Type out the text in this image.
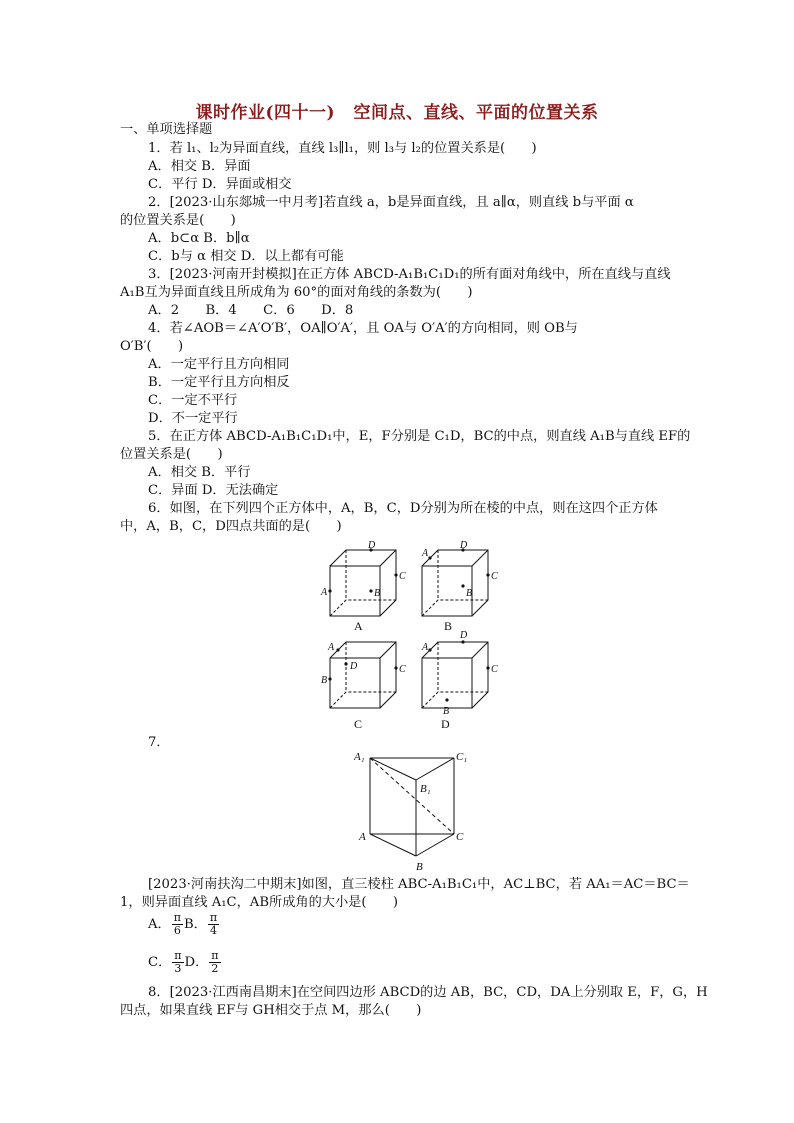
课时作业(四十一) 空间点、直线、平面的位置关系
一、单项选择题
1．若 l₁、l₂为异面直线，直线 l₃∥l₁，则 l₃与 l₂的位置关系是(　　)
A．相交 B．异面
C．平行 D．异面或相交
2．[2023·山东郯城一中月考]若直线 a，b是异面直线，且 a∥α，则直线 b与平面 α
的位置关系是(　　)
A．b⊂α B．b∥α
C．b与 α 相交 D．以上都有可能
3．[2023·河南开封模拟]在正方体 ABCD-A₁B₁C₁D₁的所有面对角线中，所在直线与直线
A₁B互为异面直线且所成角为 60°的面对角线的条数为(　　)
A．2　　B．4　　C．6　　D．8
4．若∠AOB＝∠A′O′B′，OA∥O′A′，且 OA与 O′A′的方向相同，则 OB与
O′B′(　　)
A．一定平行且方向相同
B．一定平行且方向相反
C．一定不平行
D．不一定平行
5．在正方体 ABCD-A₁B₁C₁D₁中，E，F分别是 C₁D，BC的中点，则直线 A₁B与直线 EF的
位置关系是(　　)
A．相交 B．平行
C．异面 D．无法确定
6．如图，在下列四个正方体中，A，B，C，D分别为所在棱的中点，则在这四个正方体
中，A，B，C，D四点共面的是(　　)
D
C
A	B
A
D
C
B
A
D
B
C
A
D
C
B
A	B
C	D
7．
A₁	C₁
B₁
A	C
B
[2023·河南扶沟二中期末]如图，直三棱柱 ABC-A₁B₁C₁中，AC⊥BC，若 AA₁＝AC＝BC＝
1，则异面直线 A₁C，AB所成角的大小是(　　)
A． $\frac{\pi}{6}$ B． $\frac{\pi}{4}$
C． $\frac{\pi}{3}$ D． $\frac{\pi}{2}$
8．[2023·江西南昌期末]在空间四边形 ABCD的边 AB，BC，CD，DA上分别取 E，F，G，H
四点，如果直线 EF与 GH相交于点 M，那么(　　)
